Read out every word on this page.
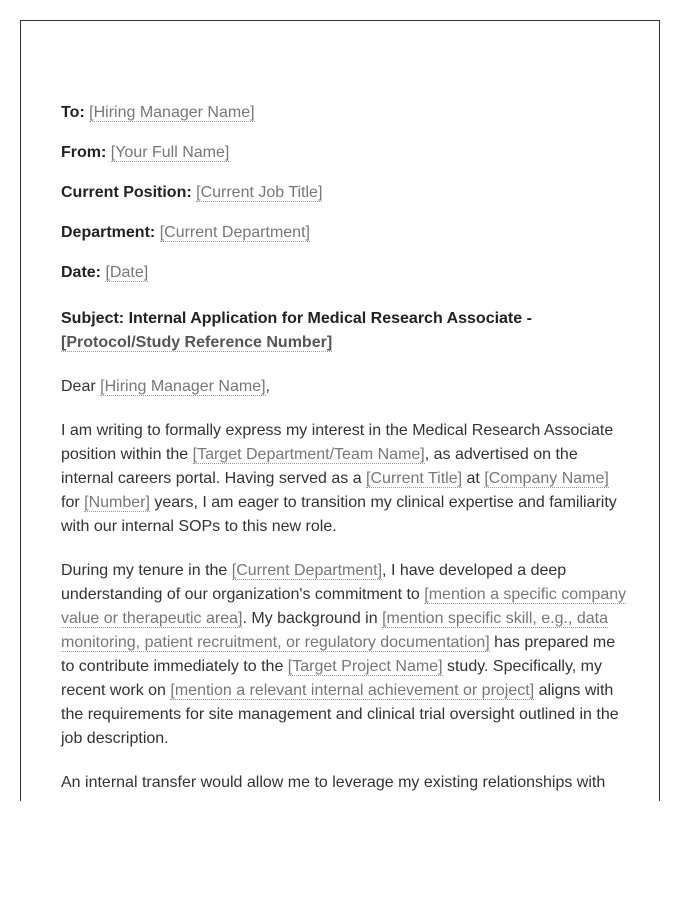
To: [Hiring Manager Name]
From: [Your Full Name]
Current Position: [Current Job Title]
Department: [Current Department]
Date: [Date]
Subject: Internal Application for Medical Research Associate -
[Protocol/Study Reference Number]

Dear [Hiring Manager Name],

I am writing to formally express my interest in the Medical Research Associate position within the [Target Department/Team Name], as advertised on the internal careers portal. Having served as a [Current Title] at [Company Name] for [Number] years, I am eager to transition my clinical expertise and familiarity with our internal SOPs to this new role.

During my tenure in the [Current Department], I have developed a deep understanding of our organization's commitment to [mention a specific company value or therapeutic area]. My background in [mention specific skill, e.g., data monitoring, patient recruitment, or regulatory documentation] has prepared me to contribute immediately to the [Target Project Name] study. Specifically, my recent work on [mention a relevant internal achievement or project] aligns with the requirements for site management and clinical trial oversight outlined in the job description.

An internal transfer would allow me to leverage my existing relationships with
